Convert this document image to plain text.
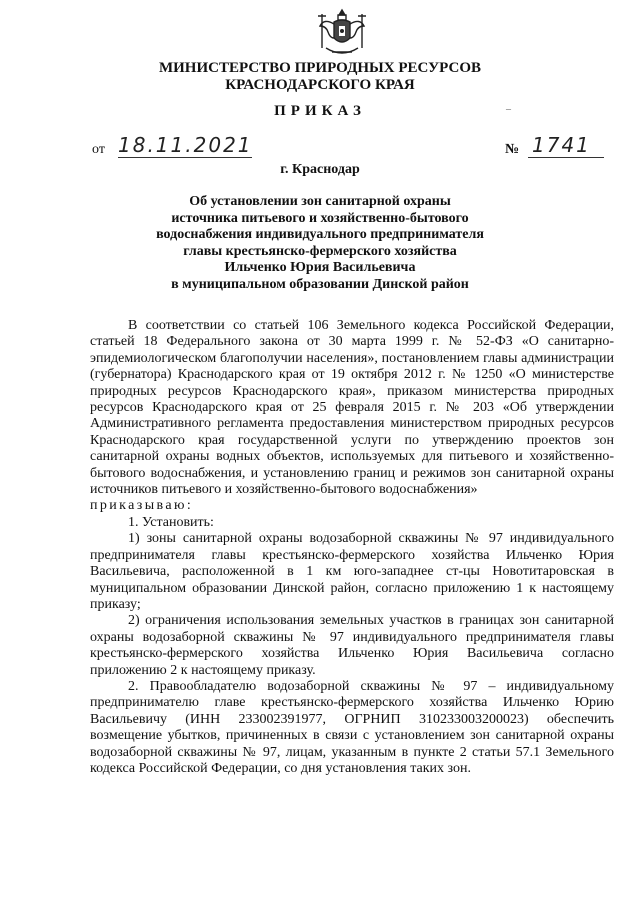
МИНИСТЕРСТВО ПРИРОДНЫХ РЕСУРСОВ
КРАСНОДАРСКОГО КРАЯ
ПРИКАЗ	–
от 18.11.2021	№ 1741
г. Краснодар
Об установлении зон санитарной охраны
источника питьевого и хозяйственно-бытового
водоснабжения индивидуального предпринимателя
главы крестьянско-фермерского хозяйства
Ильченко Юрия Васильевича
в муниципальном образовании Динской район

В соответствии со статьей 106 Земельного кодекса Российской Федерации, статьей 18 Федерального закона от 30 марта 1999 г. № 52-ФЗ «О санитарно-эпидемиологическом благополучии населения», постановлением главы администрации (губернатора) Краснодарского края от 19 октября 2012 г. № 1250 «О министерстве природных ресурсов Краснодарского края», приказом министерства природных ресурсов Краснодарского края от 25 февраля 2015 г. № 203 «Об утверждении Административного регламента предоставления министерством природных ресурсов Краснодарского края государственной услуги по утверждению проектов зон санитарной охраны водных объектов, используемых для питьевого и хозяйственно-бытового водоснабжения, и установлению границ и режимов зон санитарной охраны источников питьевого и хозяйственно-бытового водоснабжения»

приказываю:

1. Установить:

1) зоны санитарной охраны водозаборной скважины № 97 индивидуального предпринимателя главы крестьянско-фермерского хозяйства Ильченко Юрия Васильевича, расположенной в 1 км юго-западнее ст-цы Новотитаровская в муниципальном образовании Динской район, согласно приложению 1 к настоящему приказу;

2) ограничения использования земельных участков в границах зон санитарной охраны водозаборной скважины № 97 индивидуального предпринимателя главы крестьянско-фермерского хозяйства Ильченко Юрия Васильевича согласно приложению 2 к настоящему приказу.

2. Правообладателю водозаборной скважины № 97 – индивидуальному предпринимателю главе крестьянско-фермерского хозяйства Ильченко Юрию Васильевичу (ИНН 233002391977, ОГРНИП 310233003200023) обеспечить возмещение убытков, причиненных в связи с установлением зон санитарной охраны водозаборной скважины № 97, лицам, указанным в пункте 2 статьи 57.1 Земельного кодекса Российской Федерации, со дня установления таких зон.
